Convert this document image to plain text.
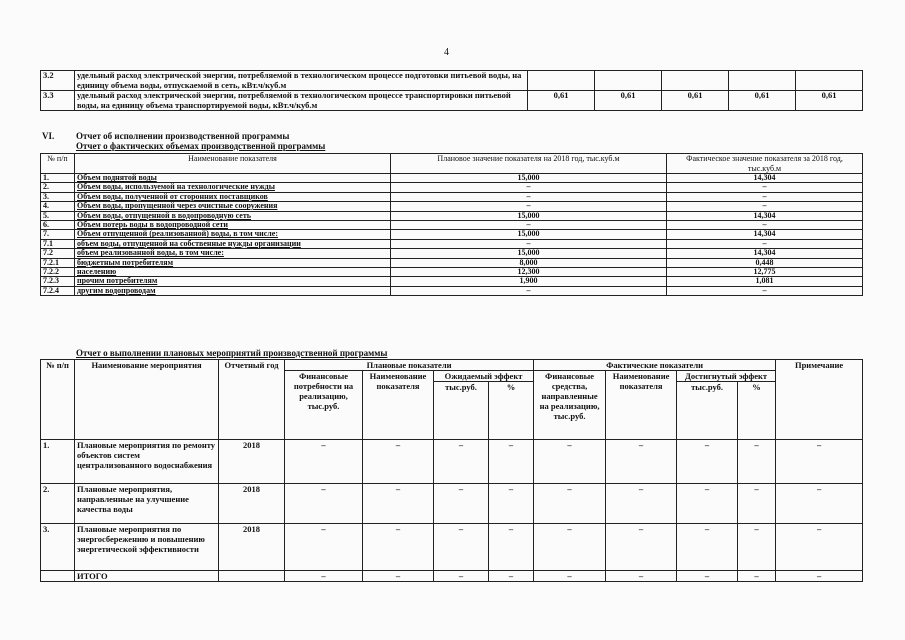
4
3.2	удельный расход электрической энергии, потребляемой в технологическом процессе подготовки питьевой воды, на единицу объема воды, отпускаемой в сеть, кВт.ч/куб.м					
3.3	удельный расход электрической энергии, потребляемой в технологическом процессе транспортировки питьевой воды, на единицу объема транспортируемой воды, кВт.ч/куб.м	0,61	0,61	0,61	0,61	0,61
VI. Отчет об исполнении производственной программы
Отчет о фактических объемах производственной программы
№ п/п	Наименование показателя	Плановое значение показателя на 2018 год, тыс.куб.м	Фактическое значение показателя за 2018 год, тыс.куб.м
1.	Объем поднятой воды	15,000	14,304
2.	Объем воды, используемой на технологические нужды	–	–
3.	Объем воды, полученной от сторонних поставщиков	–	–
4.	Объем воды, пропущенной через очистные сооружения	–	–
5.	Объем воды, отпущенной в водопроводную сеть	15,000	14,304
6.	Объем потерь воды в водопроводной сети	–	–
7.	Объем отпущенной (реализованной) воды, в том числе:	15,000	14,304
7.1	объем воды, отпущенной на собственные нужды организации	–	–
7.2	объем реализованной воды, в том числе:	15,000	14,304
7.2.1	бюджетным потребителям	8,000	0,448
7.2.2	населению	12,300	12,775
7.2.3	прочим потребителям	1,900	1,081
7.2.4	другим водопроводам	–	–
Отчет о выполнении плановых мероприятий производственной программы
№ п/п	Наименование мероприятия	Отчетный год	Плановые показатели				Фактические показатели				Примечание	
			Финансовые потребности на реализацию, тыс.руб.	Наименование показателя	Ожидаемый эффект		Финансовые средства, направленные на реализацию, тыс.руб.	Наименование показателя	Достигнутый эффект			
					тыс.руб.	%			тыс.руб.	%		
1.	Плановые мероприятия по ремонту объектов систем централизованного водоснабжения	2018	–	–	–	–	–	–	–	–	–	
2.	Плановые мероприятия, направленные на улучшение качества воды	2018	–	–	–	–	–	–	–	–	–	
3.	Плановые мероприятия по энергосбережению и повышению энергетической эффективности	2018	–	–	–	–	–	–	–	–	–	
	ИТОГО		–	–	–	–	–	–	–	–	–	
